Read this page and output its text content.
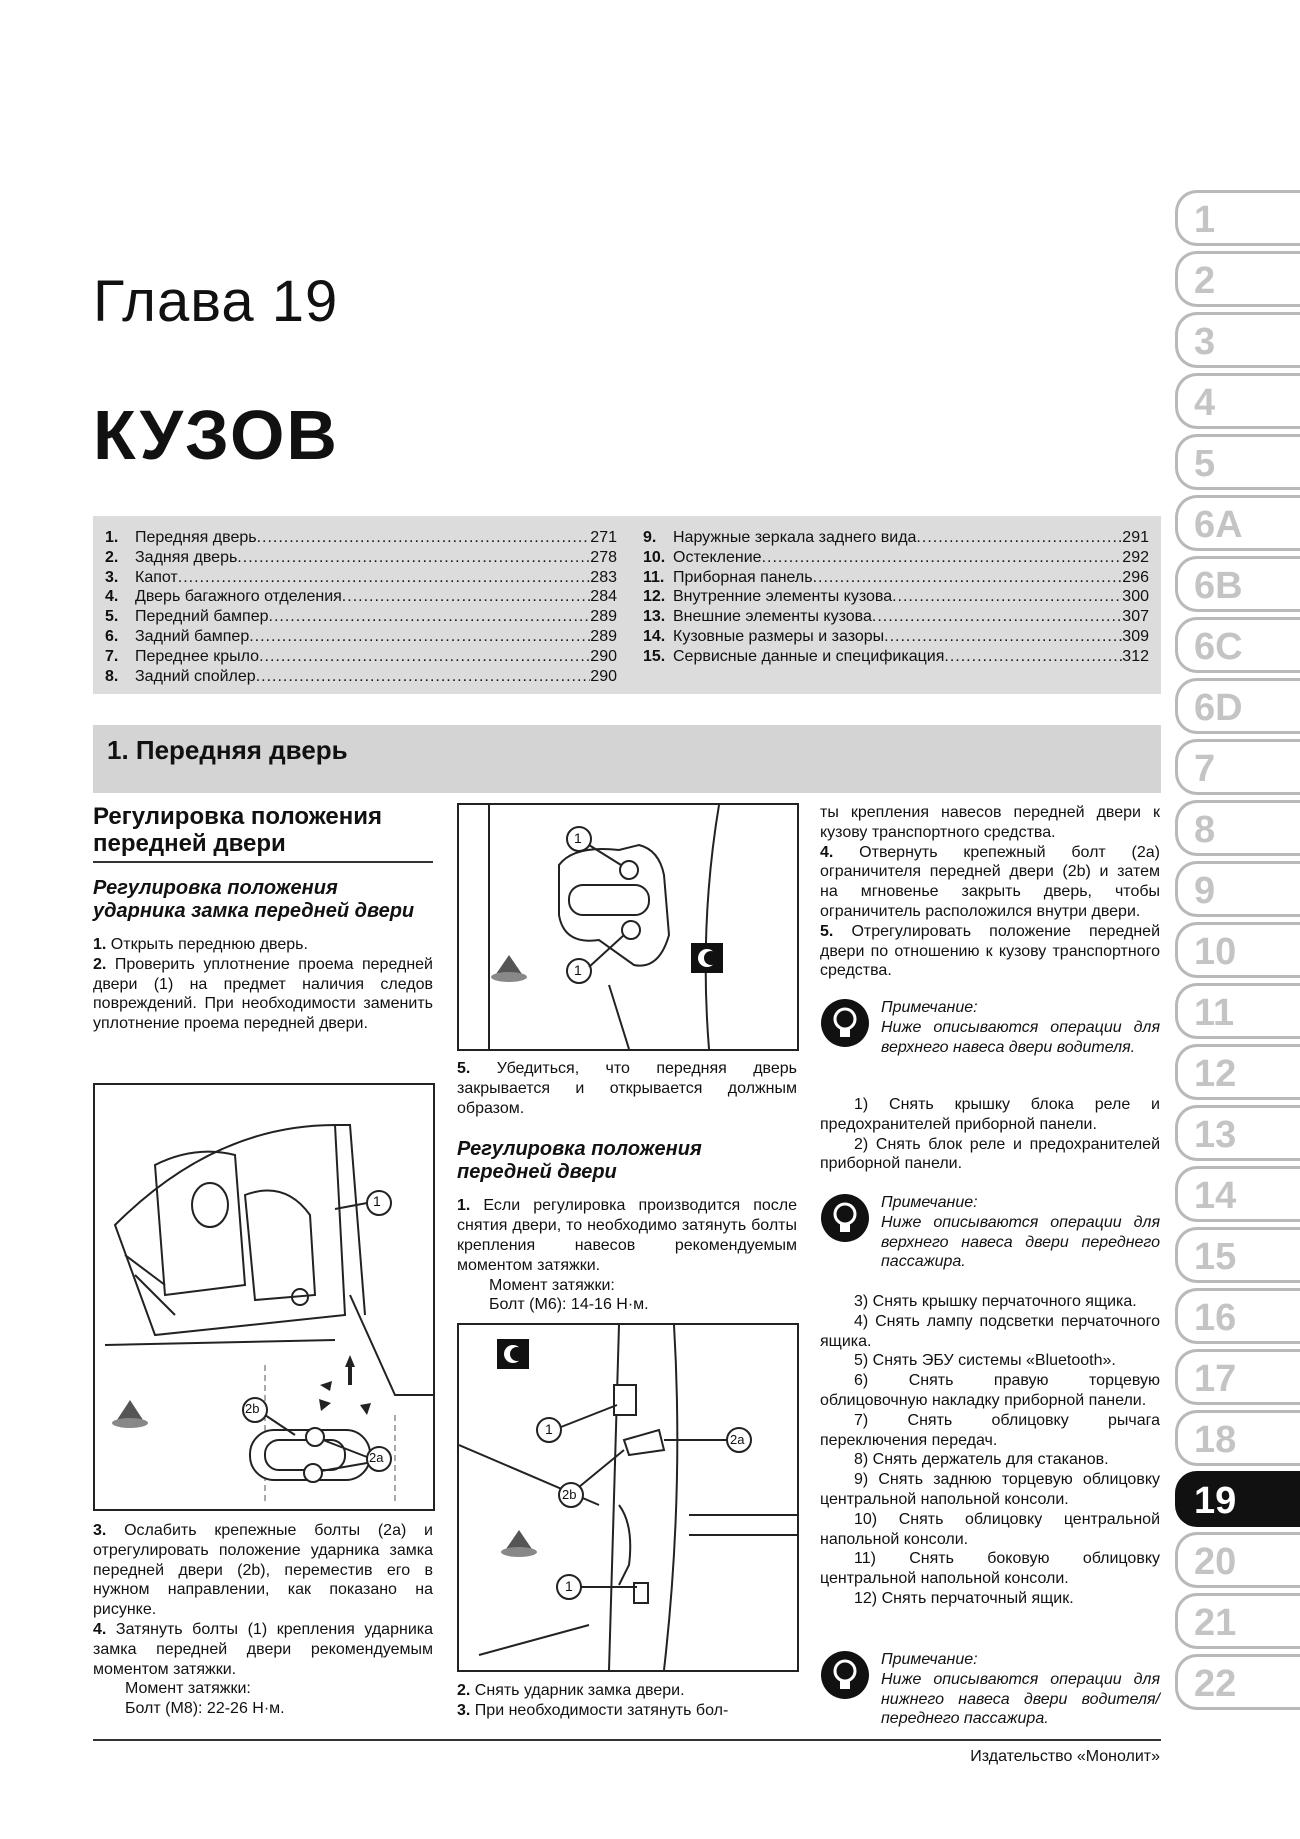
Глава 19
КУЗОВ
1.	Передняя дверь .....	271
2.	Задняя дверь .....	278
3.	Капот .....	283
4.	Дверь багажного отделения .....	284
5.	Передний бампер .....	289
6.	Задний бампер .....	289
7.	Переднее крыло .....	290
8.	Задний спойлер .....	290
9.	Наружные зеркала заднего вида .....	291
10. Остекление .....	292
11. Приборная панель .....	296
12. Внутренние элементы кузова .....	300
13. Внешние элементы кузова .....	307
14. Кузовные размеры и зазоры .....	309
15. Сервисные данные и спецификация .....	312
1. Передняя дверь
Регулировка положения передней двери
Регулировка положения ударника замка передней двери
1. Открыть переднюю дверь.
2. Проверить уплотнение проема передней двери (1) на предмет наличия следов повреждений. При необходимости заменить уплотнение проема передней двери.
1
2b
2a
3. Ослабить крепежные болты (2а) и отрегулировать положение ударника замка передней двери (2b), переместив его в нужном направлении, как показано на рисунке.
4. Затянуть болты (1) крепления ударника замка передней двери рекомендуемым моментом затяжки.
Момент затяжки:
Болт (М8): 22-26 Н·м.
1
1
5. Убедиться, что передняя дверь закрывается и открывается должным образом.
Регулировка положения передней двери
1. Если регулировка производится после снятия двери, то необходимо затянуть болты крепления навесов рекомендуемым моментом затяжки.
Момент затяжки:
Болт (М6): 14-16 Н·м.
1
2a
2b
1
2. Снять ударник замка двери.
3. При необходимости затянуть бол-
ты крепления навесов передней двери к кузову транспортного средства.
4. Отвернуть крепежный болт (2а) ограничителя передней двери (2b) и затем на мгновенье закрыть дверь, чтобы ограничитель расположился внутри двери.
5. Отрегулировать положение передней двери по отношению к кузову транспортного средства.
Примечание:
Ниже описываются операции для верхнего навеса двери водителя.
1) Снять крышку блока реле и предохранителей приборной панели.
2) Снять блок реле и предохранителей приборной панели.
Примечание:
Ниже описываются операции для верхнего навеса двери переднего пассажира.
3) Снять крышку перчаточного ящика.
4) Снять лампу подсветки перчаточного ящика.
5) Снять ЭБУ системы «Bluetooth».
6) Снять правую торцевую облицовочную накладку приборной панели.
7) Снять облицовку рычага переключения передач.
8) Снять держатель для стаканов.
9) Снять заднюю торцевую облицовку центральной напольной консоли.
10) Снять облицовку центральной напольной консоли.
11) Снять боковую облицовку центральной напольной консоли.
12) Снять перчаточный ящик.
Примечание:
Ниже описываются операции для нижнего навеса двери водителя/переднего пассажира.
1
2
3
4
5
6A
6B
6C
6D
7
8
9
10
11
12
13
14
15
16
17
18
19
20
21
22
Издательство «Монолит»
